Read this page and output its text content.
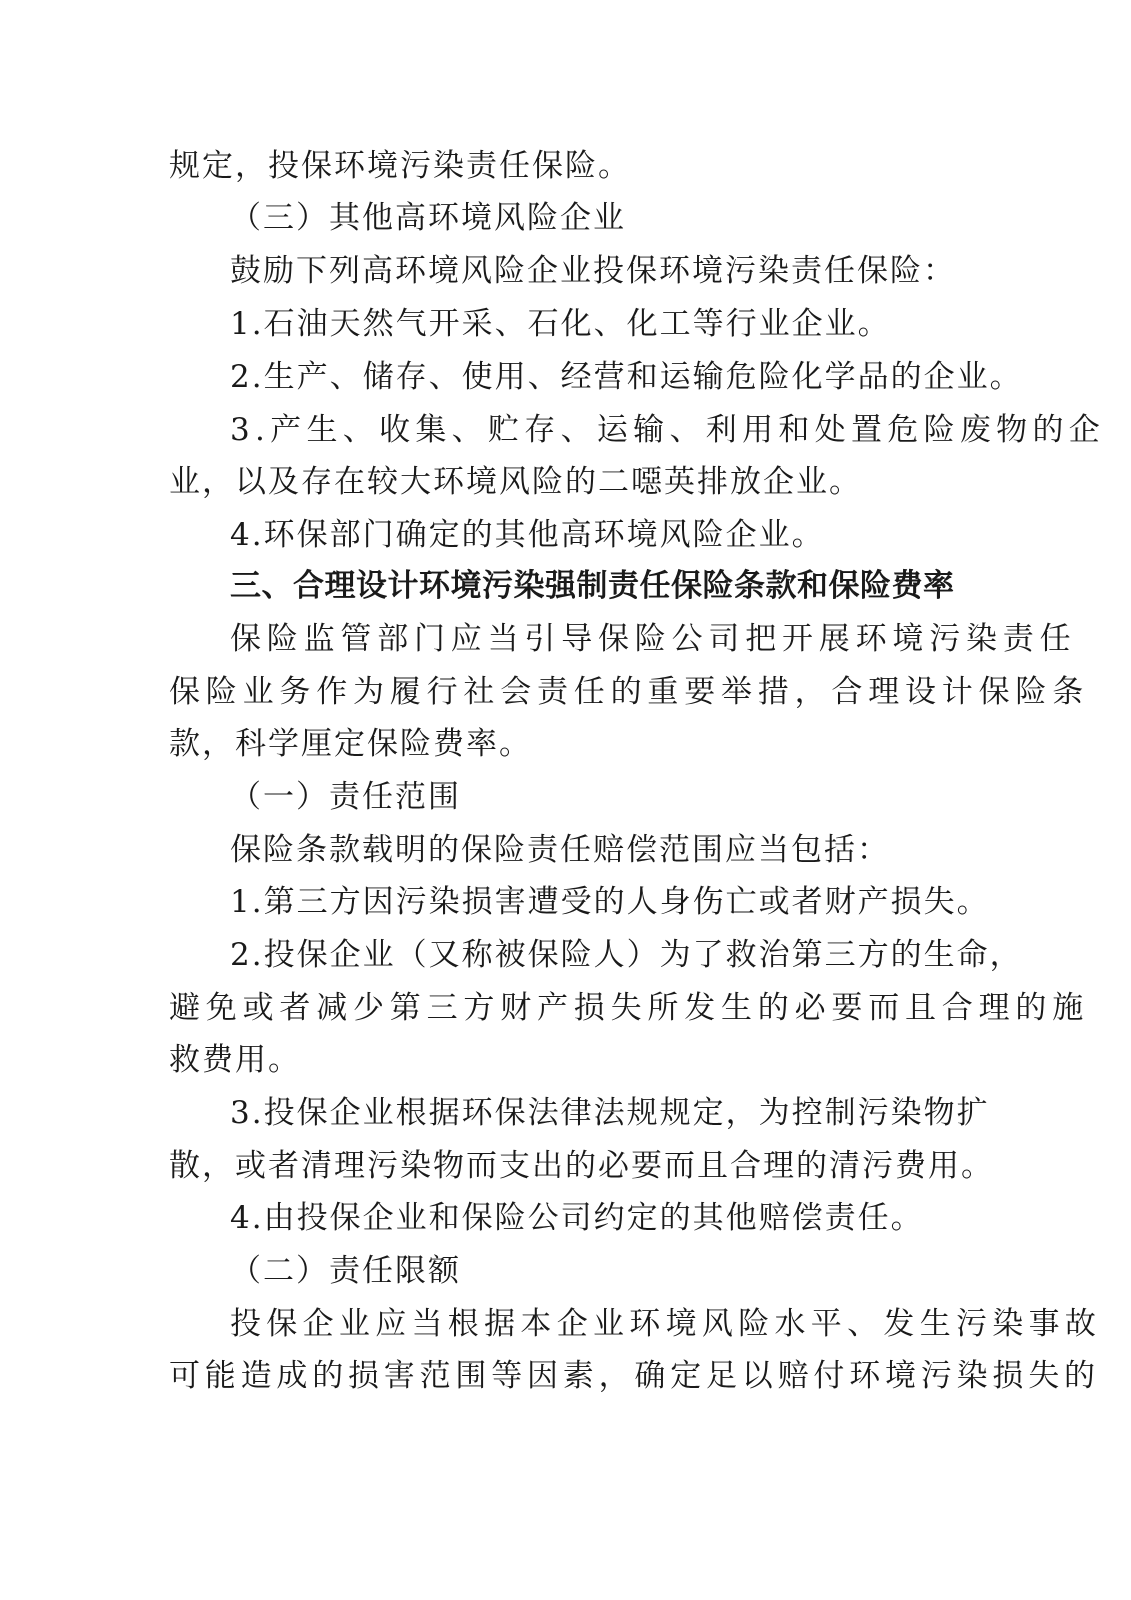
规定，投保环境污染责任保险。
（三）其他高环境风险企业
鼓励下列高环境风险企业投保环境污染责任保险：
1.石油天然气开采、石化、化工等行业企业。
2.生产、储存、使用、经营和运输危险化学品的企业。
3.产生、收集、贮存、运输、利用和处置危险废物的企
业，以及存在较大环境风险的二噁英排放企业。
4.环保部门确定的其他高环境风险企业。
三、合理设计环境污染强制责任保险条款和保险费率
保险监管部门应当引导保险公司把开展环境污染责任
保险业务作为履行社会责任的重要举措，合理设计保险条
款，科学厘定保险费率。
（一）责任范围
保险条款载明的保险责任赔偿范围应当包括：
1.第三方因污染损害遭受的人身伤亡或者财产损失。
2.投保企业（又称被保险人）为了救治第三方的生命，
避免或者减少第三方财产损失所发生的必要而且合理的施
救费用。
3.投保企业根据环保法律法规规定，为控制污染物扩
散，或者清理污染物而支出的必要而且合理的清污费用。
4.由投保企业和保险公司约定的其他赔偿责任。
（二）责任限额
投保企业应当根据本企业环境风险水平、发生污染事故
可能造成的损害范围等因素，确定足以赔付环境污染损失的
